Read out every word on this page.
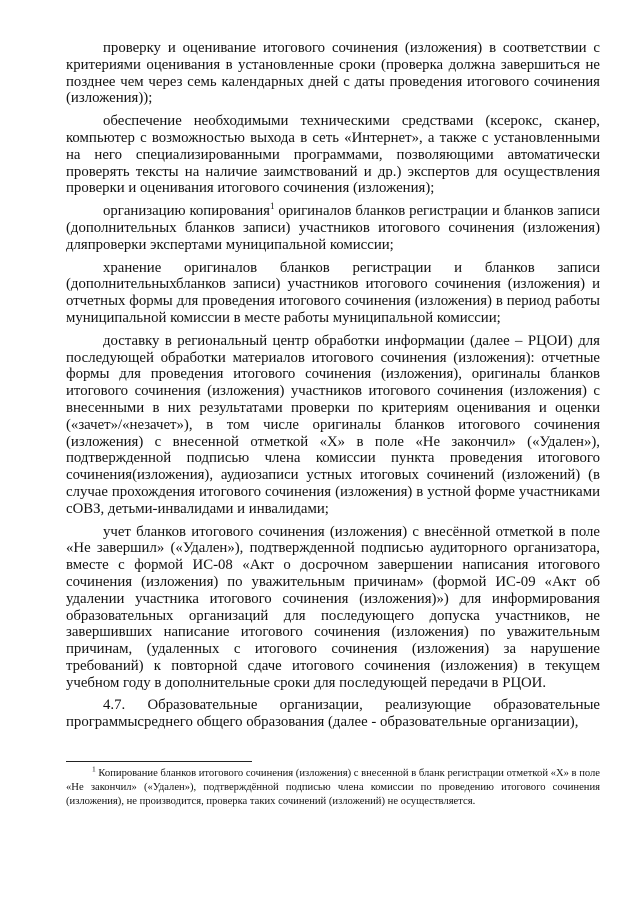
проверку и оценивание итогового сочинения (изложения) в соответствии с критериями оценивания в установленные сроки (проверка должна завершиться не позднее чем через семь календарных дней с даты проведения итогового сочинения (изложения));

обеспечение необходимыми техническими средствами (ксерокс, сканер, компьютер с возможностью выхода в сеть «Интернет», а также с установленными на него специализированными программами, позволяющими автоматически проверять тексты на наличие заимствований и др.) экспертов для осуществления проверки и оценивания итогового сочинения (изложения);

организацию копирования$^1$ оригиналов бланков регистрации и бланков записи (дополнительных бланков записи) участников итогового сочинения (изложения) дляпроверки экспертами муниципальной комиссии;

хранение оригиналов бланков регистрации и бланков записи (дополнительныхбланков записи) участников итогового сочинения (изложения) и отчетных формы для проведения итогового сочинения (изложения) в период работы муниципальной комиссии в месте работы муниципальной комиссии;

доставку в региональный центр обработки информации (далее – РЦОИ) для последующей обработки материалов итогового сочинения (изложения): отчетные формы для проведения итогового сочинения (изложения), оригиналы бланков итогового сочинения (изложения) участников итогового сочинения (изложения) с внесенными в них результатами проверки по критериям оценивания и оценки («зачет»/«незачет»), в том числе оригиналы бланков итогового сочинения (изложения) с внесенной отметкой «X» в поле «Не закончил» («Удален»), подтвержденной подписью члена комиссии пункта проведения итогового сочинения(изложения), аудиозаписи устных итоговых сочинений (изложений) (в случае прохождения итогового сочинения (изложения) в устной форме участниками сОВЗ, детьми-инвалидами и инвалидами;

учет бланков итогового сочинения (изложения) с внесённой отметкой в поле «Не завершил» («Удален»), подтвержденной подписью аудиторного организатора, вместе с формой ИС-08 «Акт о досрочном завершении написания итогового сочинения (изложения) по уважительным причинам» (формой ИС-09 «Акт об удалении участника итогового сочинения (изложения)») для информирования образовательных организаций для последующего допуска участников, не завершивших написание итогового сочинения (изложения) по уважительным причинам, (удаленных с итогового сочинения (изложения) за нарушение требований) к повторной сдаче итогового сочинения (изложения) в текущем учебном году в дополнительные сроки для последующей передачи в РЦОИ.

4.7. Образовательные организации, реализующие образовательные программысреднего общего образования (далее - образовательные организации),

$^1$ Копирование бланков итогового сочинения (изложения) с внесенной в бланк регистрации отметкой «X» в поле «Не закончил» («Удален»), подтверждённой подписью члена комиссии по проведению итогового сочинения (изложения), не производится, проверка таких сочинений (изложений) не осуществляется.
